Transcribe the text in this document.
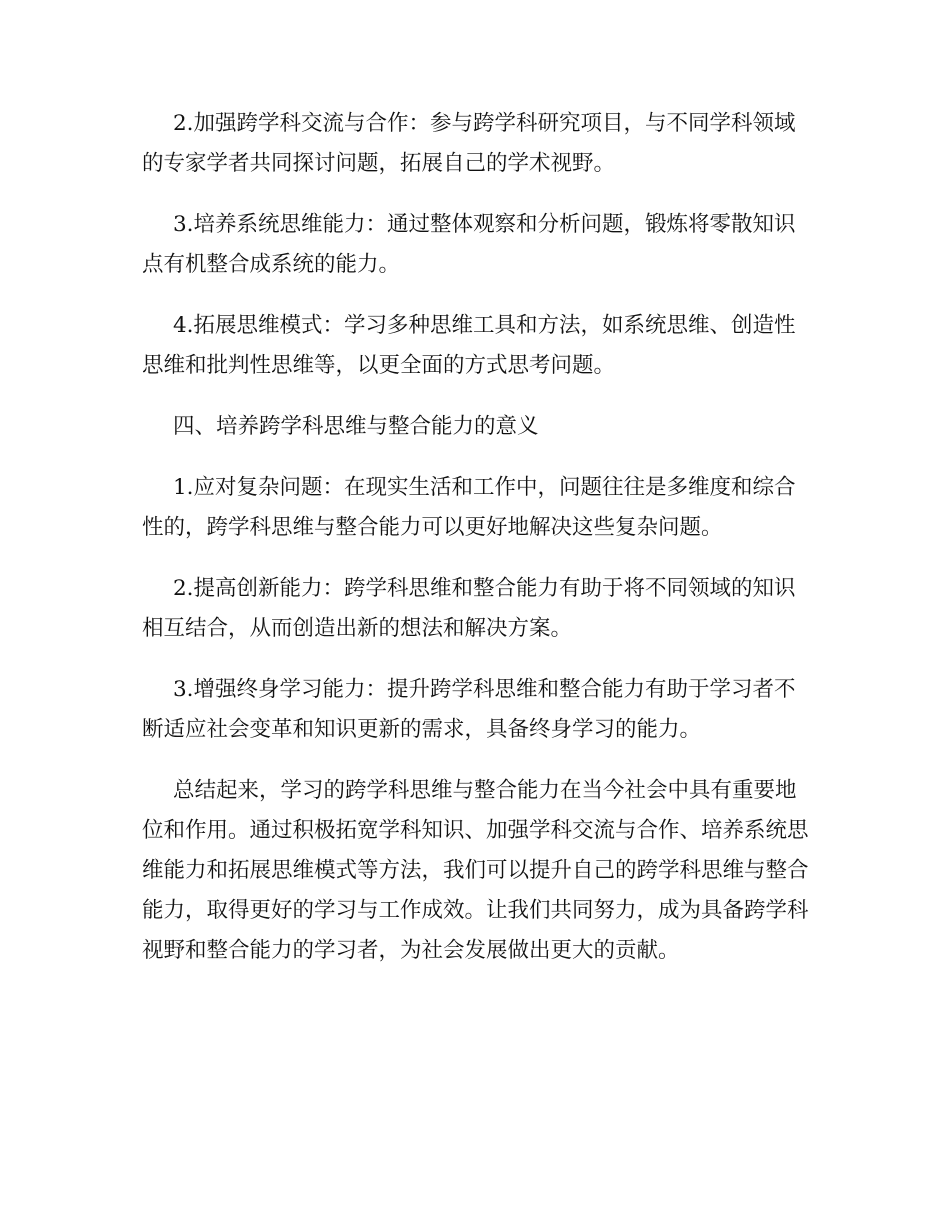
2.加强跨学科交流与合作：参与跨学科研究项目，与不同学科领域的专家学者共同探讨问题，拓展自己的学术视野。

3.培养系统思维能力：通过整体观察和分析问题，锻炼将零散知识点有机整合成系统的能力。

4.拓展思维模式：学习多种思维工具和方法，如系统思维、创造性思维和批判性思维等，以更全面的方式思考问题。

四、培养跨学科思维与整合能力的意义

1.应对复杂问题：在现实生活和工作中，问题往往是多维度和综合性的，跨学科思维与整合能力可以更好地解决这些复杂问题。

2.提高创新能力：跨学科思维和整合能力有助于将不同领域的知识相互结合，从而创造出新的想法和解决方案。

3.增强终身学习能力：提升跨学科思维和整合能力有助于学习者不断适应社会变革和知识更新的需求，具备终身学习的能力。

总结起来，学习的跨学科思维与整合能力在当今社会中具有重要地位和作用。通过积极拓宽学科知识、加强学科交流与合作、培养系统思维能力和拓展思维模式等方法，我们可以提升自己的跨学科思维与整合能力，取得更好的学习与工作成效。让我们共同努力，成为具备跨学科视野和整合能力的学习者，为社会发展做出更大的贡献。
